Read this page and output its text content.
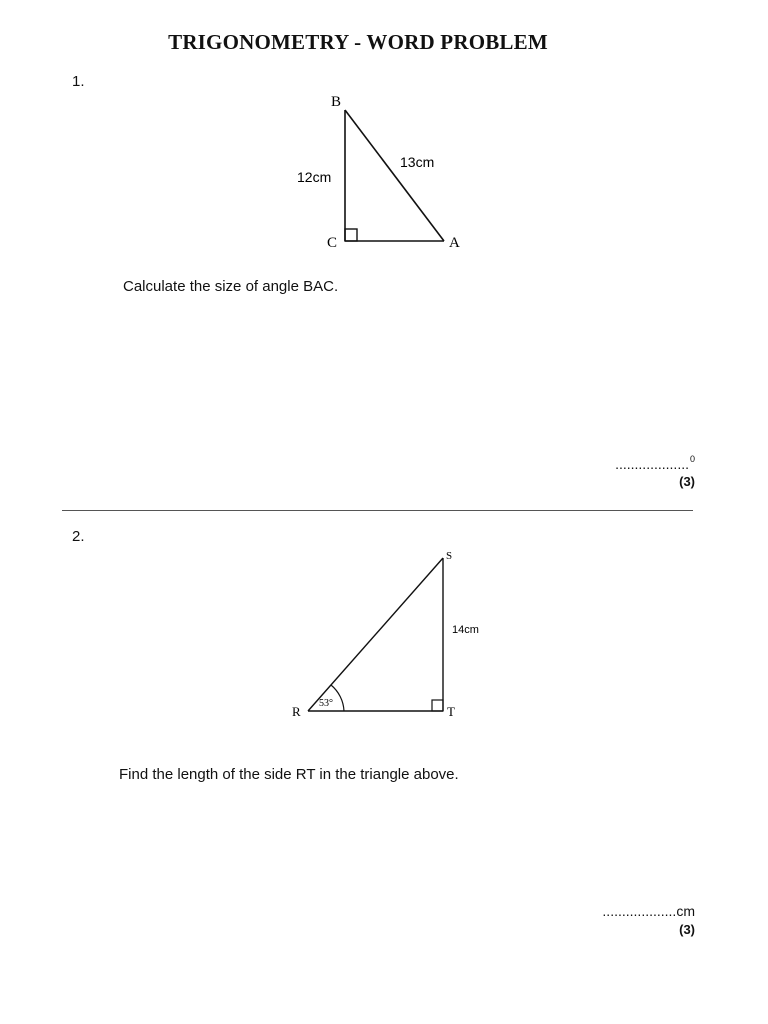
TRIGONOMETRY - WORD PROBLEM
1.
B
C	A
12cm
13cm
Calculate the size of angle BAC.
...................$^0$
(3)
2.
S
R	T
14cm
53°
Find the length of the side RT in the triangle above.
...................cm
(3)
